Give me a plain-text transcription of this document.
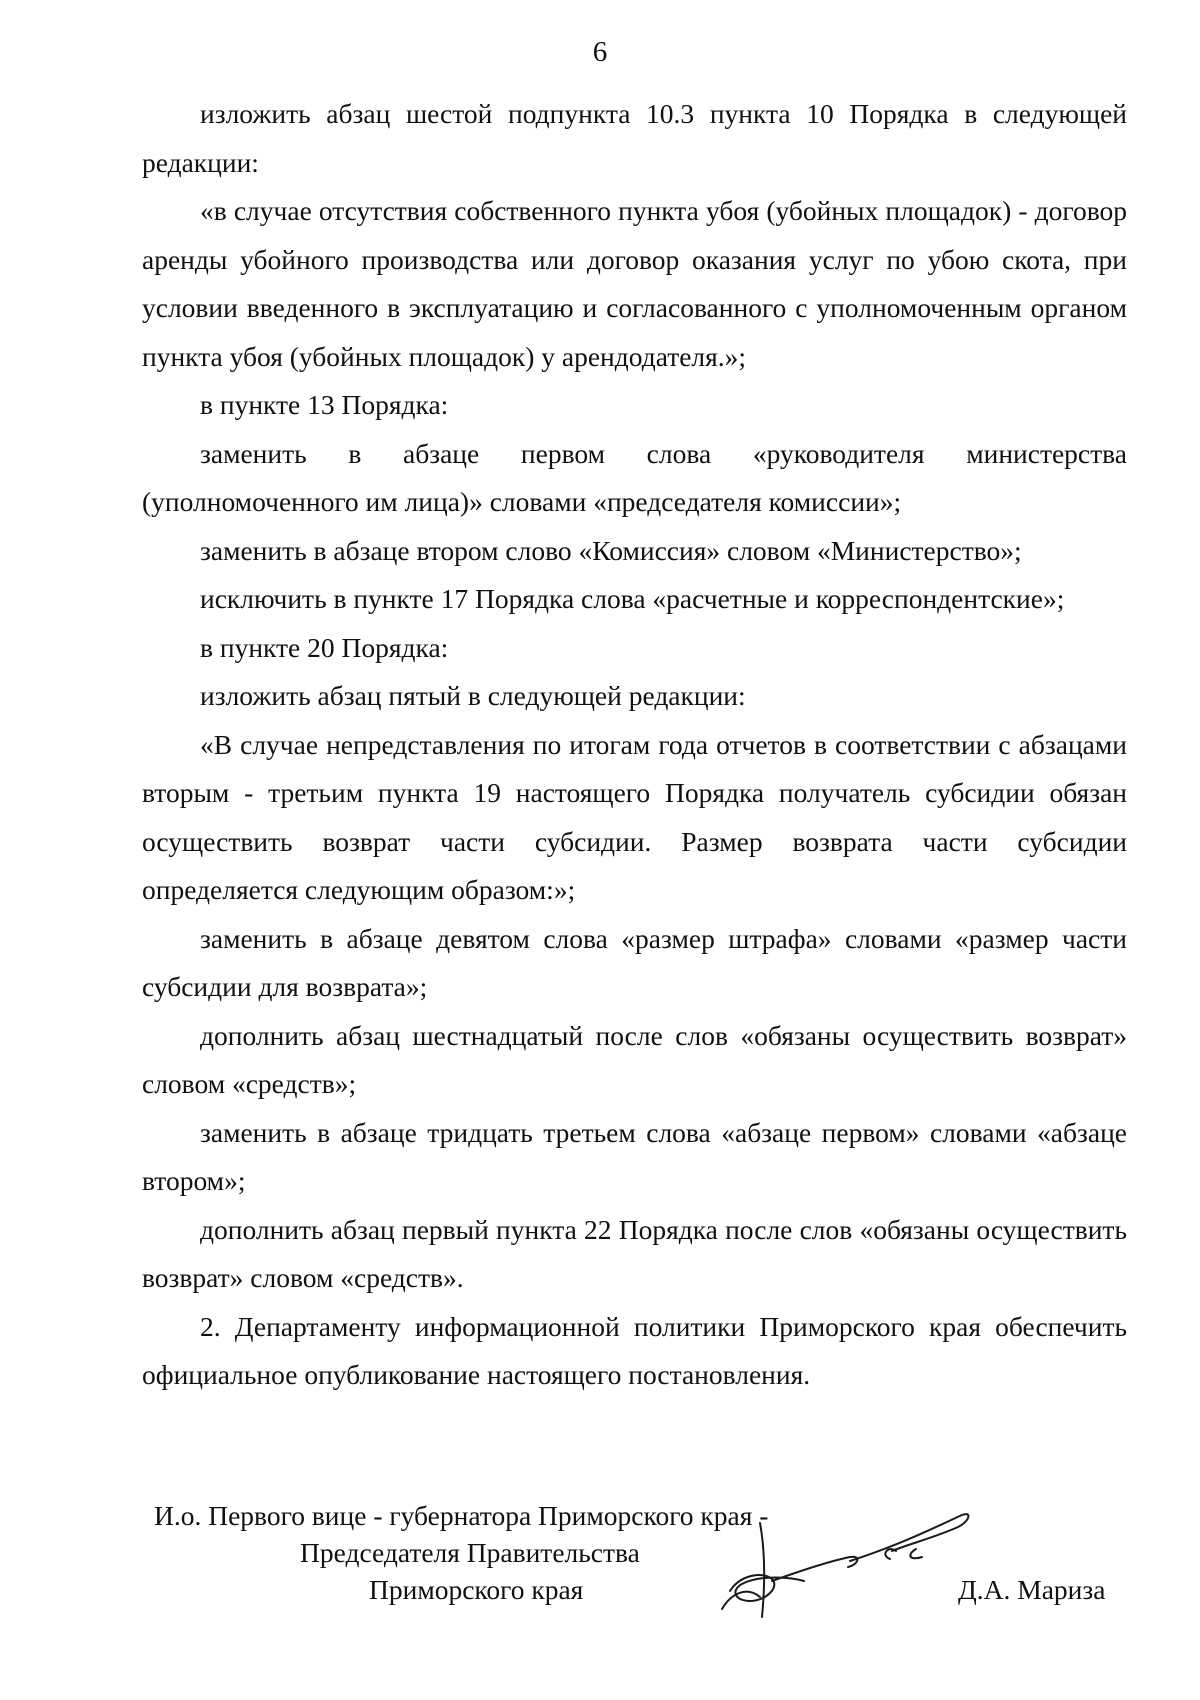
6

изложить абзац шестой подпункта 10.3 пункта 10 Порядка в следующей редакции:

«в случае отсутствия собственного пункта убоя (убойных площадок) - договор аренды убойного производства или договор оказания услуг по убою скота, при условии введенного в эксплуатацию и согласованного с уполномоченным органом пункта убоя (убойных площадок) у арендодателя.»;

в пункте 13 Порядка:

заменить в абзаце первом слова «руководителя министерства (уполномоченного им лица)» словами «председателя комиссии»;

заменить в абзаце втором слово «Комиссия» словом «Министерство»;

исключить в пункте 17 Порядка слова «расчетные и корреспондентские»;

в пункте 20 Порядка:

изложить абзац пятый в следующей редакции:

«В случае непредставления по итогам года отчетов в соответствии с абзацами вторым - третьим пункта 19 настоящего Порядка получатель субсидии обязан осуществить возврат части субсидии. Размер возврата части субсидии определяется следующим образом:»;

заменить в абзаце девятом слова «размер штрафа» словами «размер части субсидии для возврата»;

дополнить абзац шестнадцатый после слов «обязаны осуществить возврат» словом «средств»;

заменить в абзаце тридцать третьем слова «абзаце первом» словами «абзаце втором»;

дополнить абзац первый пункта 22 Порядка после слов «обязаны осуществить возврат» словом «средств».

2. Департаменту информационной политики Приморского края обеспечить официальное опубликование настоящего постановления.

И.о. Первого вице - губернатора Приморского края -
Председателя Правительства
Приморского края	Д.А. Мариза
